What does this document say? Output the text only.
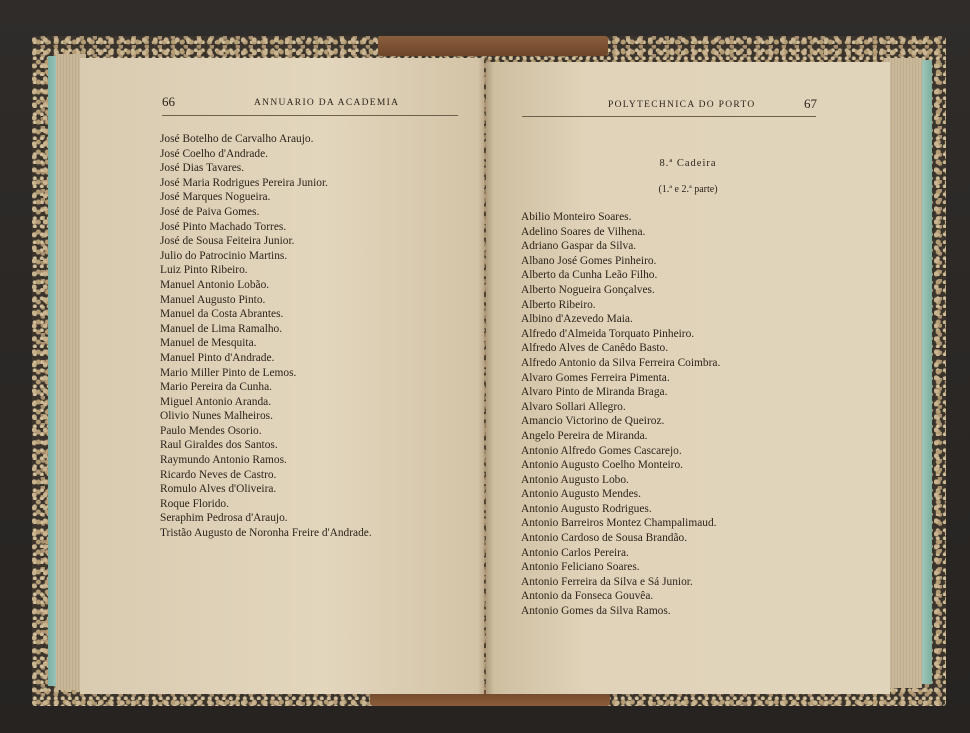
66	ANNUARIO DA ACADEMIA
José Botelho de Carvalho Araujo.
José Coelho d'Andrade.
José Dias Tavares.
José Maria Rodrigues Pereira Junior.
José Marques Nogueira.
José de Paiva Gomes.
José Pinto Machado Torres.
José de Sousa Feiteira Junior.
Julio do Patrocinio Martins.
Luiz Pinto Ribeiro.
Manuel Antonio Lobão.
Manuel Augusto Pinto.
Manuel da Costa Abrantes.
Manuel de Lima Ramalho.
Manuel de Mesquita.
Manuel Pinto d'Andrade.
Mario Miller Pinto de Lemos.
Mario Pereira da Cunha.
Miguel Antonio Aranda.
Olivio Nunes Malheiros.
Paulo Mendes Osorio.
Raul Giraldes dos Santos.
Raymundo Antonio Ramos.
Ricardo Neves de Castro.
Romulo Alves d'Oliveira.
Roque Florido.
Seraphim Pedrosa d'Araujo.
Tristão Augusto de Noronha Freire d'Andrade.
POLYTECHNICA DO PORTO	67
8.ª Cadeira
(1.ª e 2.ª parte)
Abilio Monteiro Soares.
Adelino Soares de Vilhena.
Adriano Gaspar da Silva.
Albano José Gomes Pinheiro.
Alberto da Cunha Leão Filho.
Alberto Nogueira Gonçalves.
Alberto Ribeiro.
Albino d'Azevedo Maia.
Alfredo d'Almeida Torquato Pinheiro.
Alfredo Alves de Canêdo Basto.
Alfredo Antonio da Silva Ferreira Coimbra.
Alvaro Gomes Ferreira Pimenta.
Alvaro Pinto de Miranda Braga.
Alvaro Sollari Allegro.
Amancio Victorino de Queiroz.
Angelo Pereira de Miranda.
Antonio Alfredo Gomes Cascarejo.
Antonio Augusto Coelho Monteiro.
Antonio Augusto Lobo.
Antonio Augusto Mendes.
Antonio Augusto Rodrigues.
Antonio Barreiros Montez Champalimaud.
Antonio Cardoso de Sousa Brandão.
Antonio Carlos Pereira.
Antonio Feliciano Soares.
Antonio Ferreira da Silva e Sá Junior.
Antonio da Fonseca Gouvêa.
Antonio Gomes da Silva Ramos.
